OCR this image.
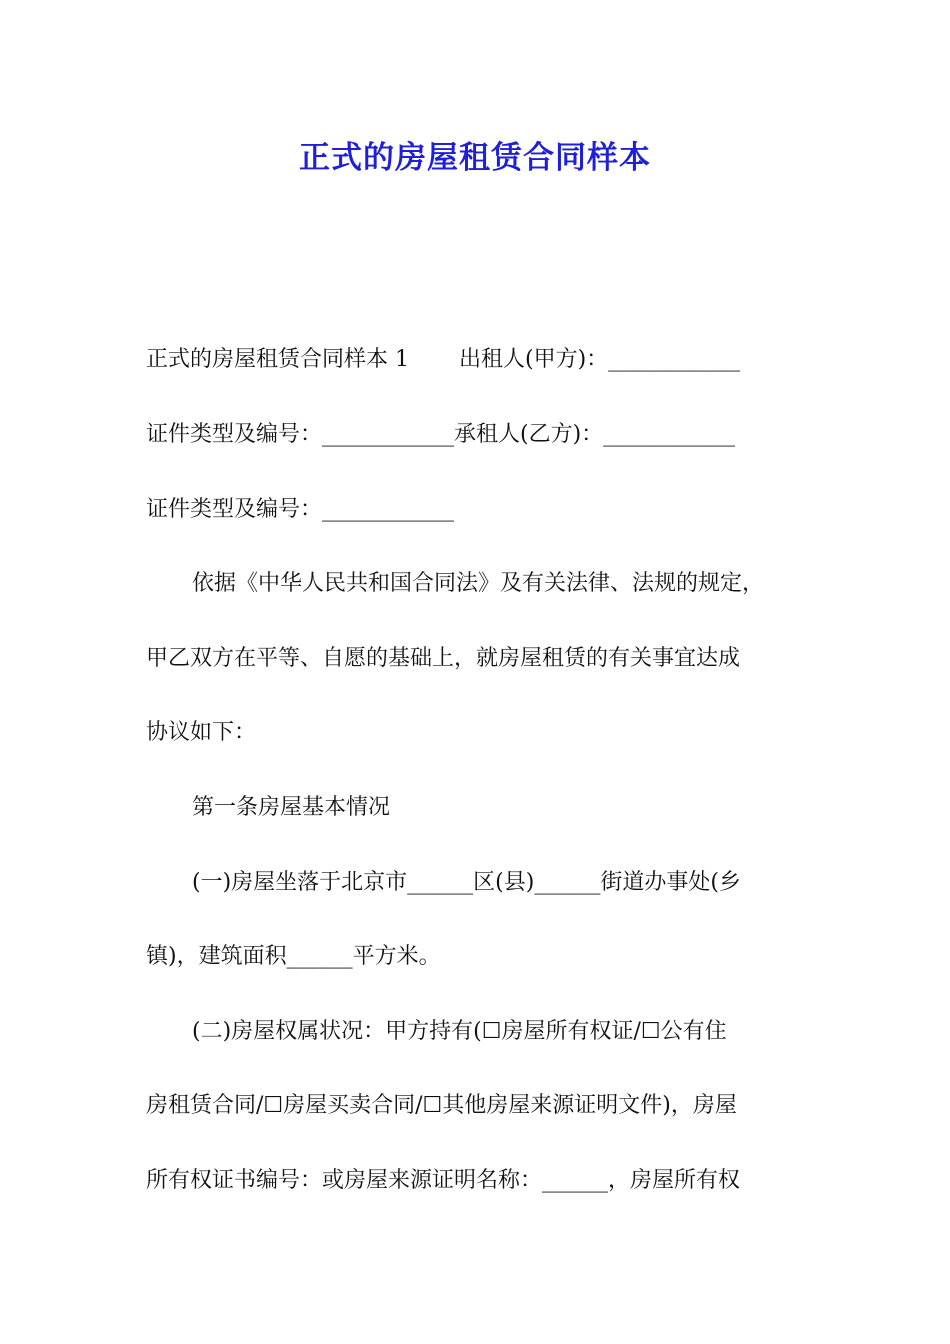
正式的房屋租赁合同样本

正式的房屋租赁合同样本 1 出租人(甲方)：____________

证件类型及编号：____________承租人(乙方)：____________

证件类型及编号：____________

依据《中华人民共和国合同法》及有关法律、法规的规定，

甲乙双方在平等、自愿的基础上，就房屋租赁的有关事宜达成

协议如下：

第一条房屋基本情况

(一)房屋坐落于北京市______区(县)______街道办事处(乡

镇)，建筑面积______平方米。

(二)房屋权属状况：甲方持有(☐房屋所有权证/☐公有住

房租赁合同/☐房屋买卖合同/☐其他房屋来源证明文件)，房屋

所有权证书编号：或房屋来源证明名称：______，房屋所有权
